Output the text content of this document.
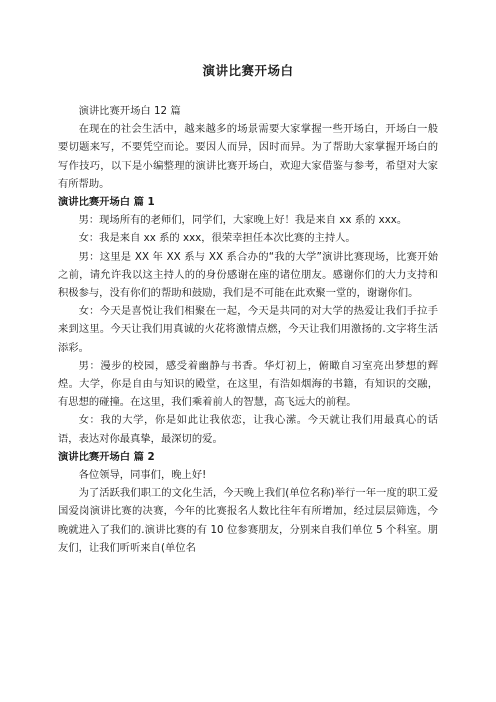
演讲比赛开场白

演讲比赛开场白 12 篇

在现在的社会生活中，越来越多的场景需要大家掌握一些开场白，开场白一般要切题来写，不要凭空而论。要因人而异，因时而异。为了帮助大家掌握开场白的写作技巧，以下是小编整理的演讲比赛开场白，欢迎大家借鉴与参考，希望对大家有所帮助。

演讲比赛开场白 篇 1

男：现场所有的老师们，同学们，大家晚上好！我是来自 xx 系的 xxx。

女：我是来自 xx 系的 xxx，很荣幸担任本次比赛的主持人。

男：这里是 XX 年 XX 系与 XX 系合办的“我的大学”演讲比赛现场，比赛开始之前，请允许我以这主持人的的身份感谢在座的诸位朋友。感谢你们的大力支持和积极参与，没有你们的帮助和鼓励，我们是不可能在此欢聚一堂的，谢谢你们。

女：今天是喜悦让我们相聚在一起，今天是共同的对大学的热爱让我们手拉手来到这里。今天让我们用真诚的火花将激情点燃，今天让我们用激扬的.文字将生活添彩。

男：漫步的校园，感受着幽静与书香。华灯初上，俯瞰自习室亮出梦想的辉煌。大学，你是自由与知识的殿堂，在这里，有浩如烟海的书籍，有知识的交融，有思想的碰撞。在这里，我们乘着前人的智慧，高飞远大的前程。

女：我的大学，你是如此让我依恋，让我心潆。今天就让我们用最真心的话语，表达对你最真挚，最深切的爱。

演讲比赛开场白 篇 2

各位领导，同事们，晚上好!

为了活跃我们职工的文化生活，今天晚上我们(单位名称)举行一年一度的职工爱国爱岗演讲比赛的决赛，今年的比赛报名人数比往年有所增加，经过层层筛选，今晚就进入了我们的.演讲比赛的有 10 位参赛朋友，分别来自我们单位 5 个科室。朋友们，让我们听听来自(单位名
